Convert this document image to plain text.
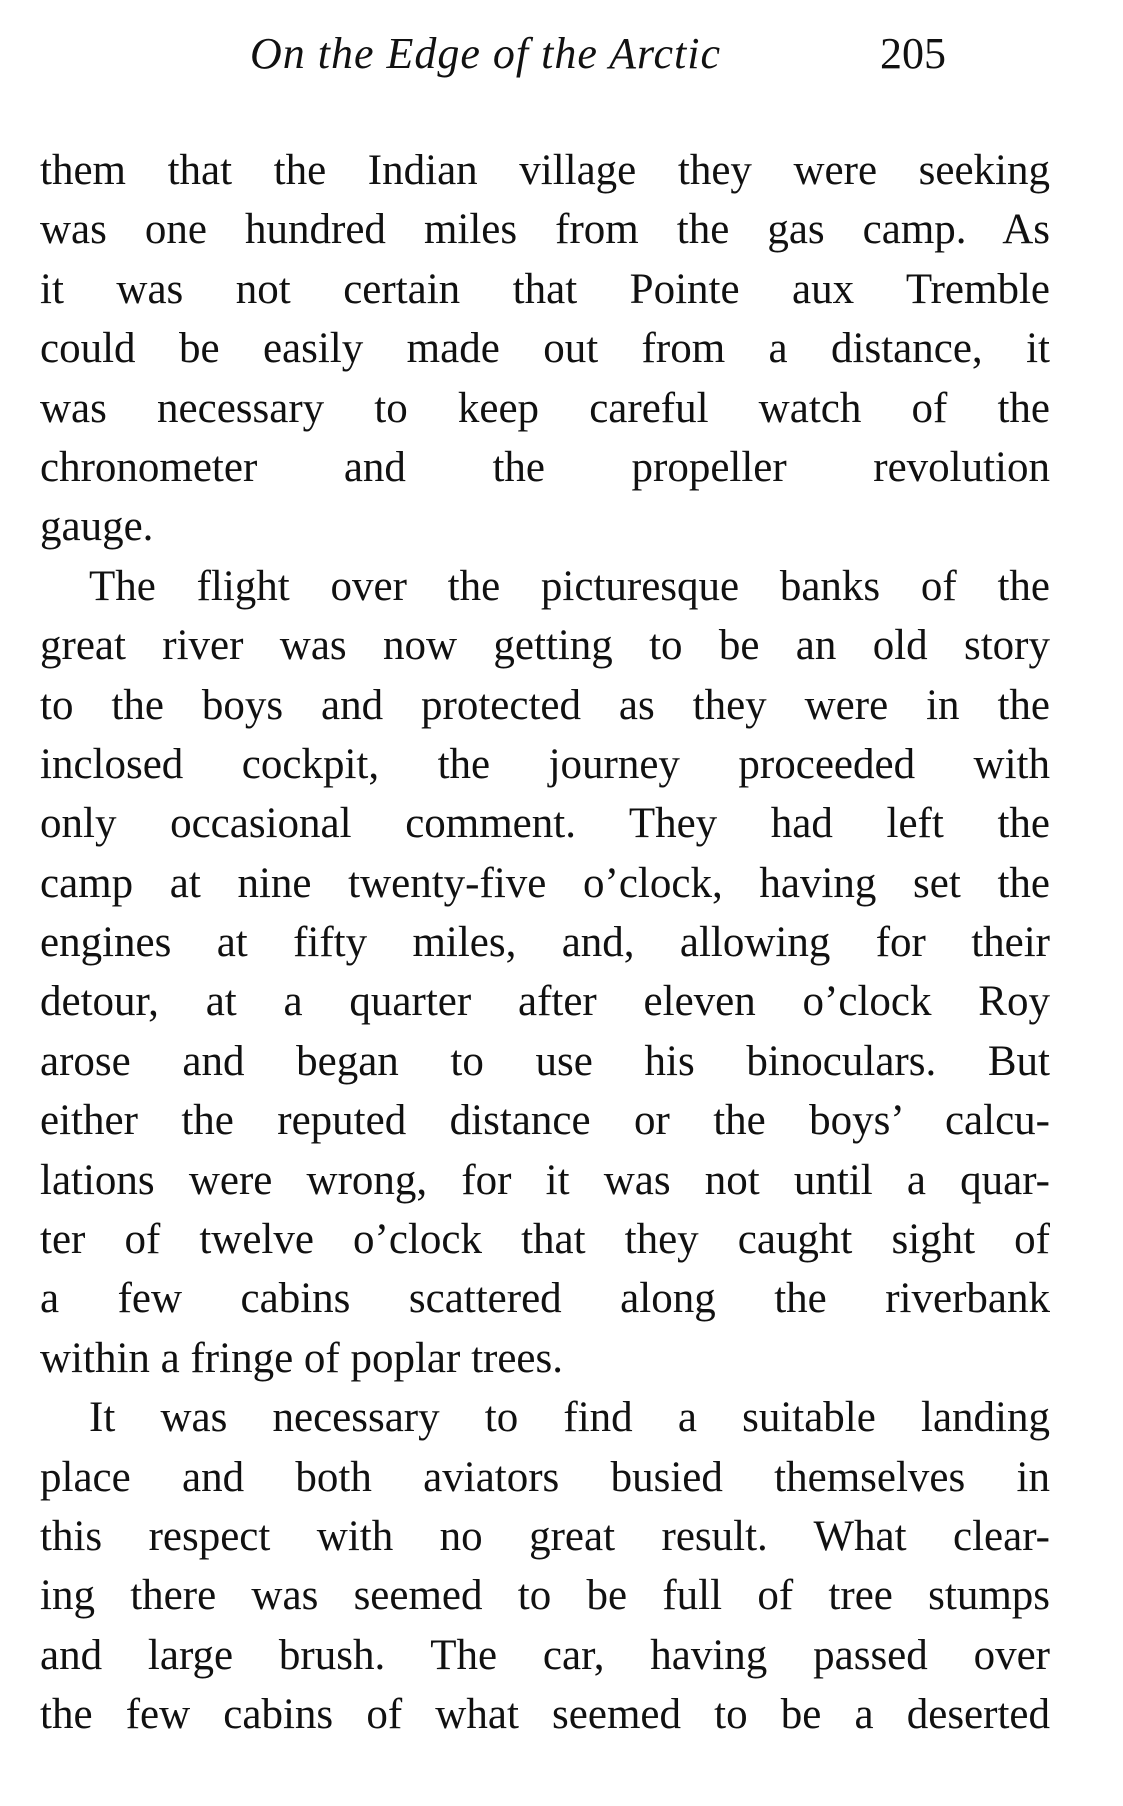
On the Edge of the Arctic	205
them that the Indian village they were seeking
was one hundred miles from the gas camp. As
it was not certain that Pointe aux Tremble
could be easily made out from a distance, it
was necessary to keep careful watch of the
chronometer and the propeller revolution
gauge.
The flight over the picturesque banks of the
great river was now getting to be an old story
to the boys and protected as they were in the
inclosed cockpit, the journey proceeded with
only occasional comment. They had left the
camp at nine twenty-five o’clock, having set the
engines at fifty miles, and, allowing for their
detour, at a quarter after eleven o’clock Roy
arose and began to use his binoculars. But
either the reputed distance or the boys’ calcu-
lations were wrong, for it was not until a quar-
ter of twelve o’clock that they caught sight of
a few cabins scattered along the riverbank
within a fringe of poplar trees.
It was necessary to find a suitable landing
place and both aviators busied themselves in
this respect with no great result. What clear-
ing there was seemed to be full of tree stumps
and large brush. The car, having passed over
the few cabins of what seemed to be a deserted
